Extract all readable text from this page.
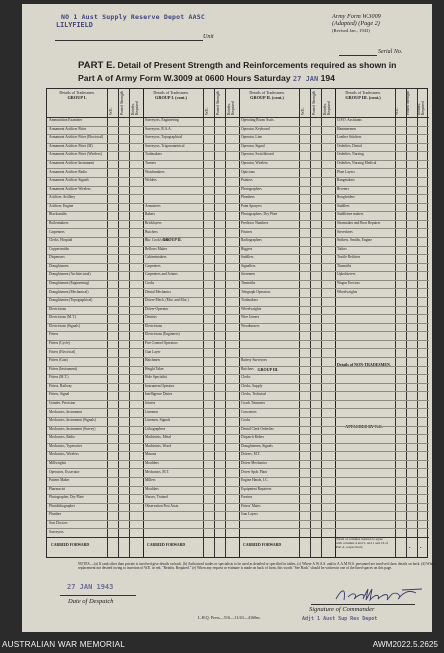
NO 1 Aust Supply Reserve Depot AASC
LILYFIELD
Unit
Army Form W.3009
(Adapted) (Page 2)
(Revised Jan., 1943)
Serial No.
PART E. Detail of Present Strength and Reinforcements required as shown in
Part A of Army Form W.3009 at 0600 Hours Saturday 27 JAN 194
Details of Tradesmen.
GROUP I.
Details of Tradesmen.
GROUP I. (cont.)
Details of Tradesmen.
GROUP II. (cont.)
Details of Tradesmen.
GROUP III. (cont.)
W.E. Posted Strength Reinfts. Required	W.E. Posted Strength Reinfts. Required	W.E. Posted Strength Reinfts. Required	W.E. Posted Strength Reinfts. Required
GROUP II.
GROUP III.
Details of NON-TRADESMEN.
ATTACHED BY W.E.
CARRIED FORWARD	CARRIED FORWARD	CARRIED FORWARD
Totals of columns marked to agree with columns 4 and 5, and 1 and 16 of Part A. respectively.	• •
Ammunition Examiner
Armament Artificer Fitter
Armament Artificer Fitter (Electrical)
Armament Artificer Fitter (M)
Armament Artificer Fitter (Wireless)
Armament Artificer Instrument
Armament Artificer Radio
Armament Artificer Signals
Armament Artificer Wireless
Artificer, Artillery
Artificer, Engine
Blacksmiths
Boilermakers
Carpenters
Clerks, Hospital
Coppersmiths
Dispensers
Draughtsmen
Draughtsmen (Architectural)
Draughtsmen (Engineering)
Draughtsmen (Mechanical)
Draughtsmen (Topographical)
Electricians
Electricians (M.T.)
Electricians (Signals)
Fitters
Fitters (Cycle)
Fitters (Electrical)
Fitters (Gun)
Fitters (Instrument)
Fitters (M.T.)
Fitters, Railway
Fitters, Signal
Grinder, Precision
Mechanics, Instrument
Mechanics, Instrument (Signals)
Mechanics, Instrument (Survey)
Mechanics, Radio
Mechanics, Typewriter
Mechanics, Wireless
Millwrights
Operators, Excavator
Pattern Maker
Pharmacist
Photographer, Dry Plate
Photolithographer
Plumber
Saw Doctors
Surveyors
Surveyors, Engineering
Surveyors, R.A.A.
Surveyors, Topographical
Surveyors, Trigonometrical
Toolmakers
Turners
Watchmakers
Welders
Armourers
Bakers
Bricklayers
Butchers
Bkr. Cook's Asst.
Bellows Maker
Cabinetmakers
Carpenters
Carpenters and Joiners
Cooks
Dental Mechanics
Driver-Mech. (Mot. and Mot.)
Driver-Operator
Dentists
Electricians
Electricians (Engineers)
Fire Control Operators
Gun Layer
Hatchmen
Height Taker
Hole Specialist
Instrument Operator
Intelligence Duties
Joiners
Linemen
Linemen, Signals
Lithographers
Machinists, Metal
Machinists, Wood
Masons
Moulders
Mechanics, M.T.
Millers
Moulders
Nurses, Trained
Observation Post Assts.
Operating Room Assts.
Operator, Keyboard
Operator, Line
Operator, Signal
Operator, Switchboard
Operator, Wireless
Opticians
Painters
Photographers
Plumbers
Paint Sprayers
Photographers, Dry Plate
Predictor Numbers
Printers
Radiographers
Riggers
Saddlers
Signallers
Storemen
Tinsmiths
Telegraph Operators
Toolmakers
Wheelwrights
Wire Joiners
Woodturners
Battery Surveyors
Butchers
Clerks
Clerks, Supply
Clerks, Technical
Coach Trimmers
Concreters
Cooks
Dental Clerk Orderlies
Dispatch Riders
Draughtsmen, Signals
Drivers, M.T.
Driver Mechanics
Driver Spdr. Plant
Engine Hands, I.C.
Equipment Repairers
Farriers
Fitters' Mates
Gun Layers
O.P.O. Assistants
Hammermen
Leather Stitchers
Orderlies, Dental
Orderlies, Nursing
Orderlies, Nursing Medical
Plate Layers
Rangetakers
Riveters
Roughriders
Saddlers
Saddletree makers
Shoemaker and Boot Repairer
Stevedores
Strikers, Smiths, Engine
Tailors
Textile Refitters
Tinsmiths
Upholsterers
Wagon Erectors
Wheelwrights
NOTES.—(a) If rank other than private is involved give details on back. (b) Authorized trades or specialists to be used as detailed or specified in tables. (c) Where A.W.A.S. and/or A.A.M.W.S. personnel are involved show details on back. (d) Where replacement not desired owing to insertion of W.E. in red, "Reinfts. Required." (e) When any request or estimate is made on back of form, this words "See Back" should be written in one of the lined spaces on this page.
27 JAN 1943
Date of Despatch
L.H.Q. Press—516—11/43—4160m.
Signature of Commander
Adjt 1 Aust Sup Res Depot
AUSTRALIAN WAR MEMORIAL	AWM2022.5.2625
